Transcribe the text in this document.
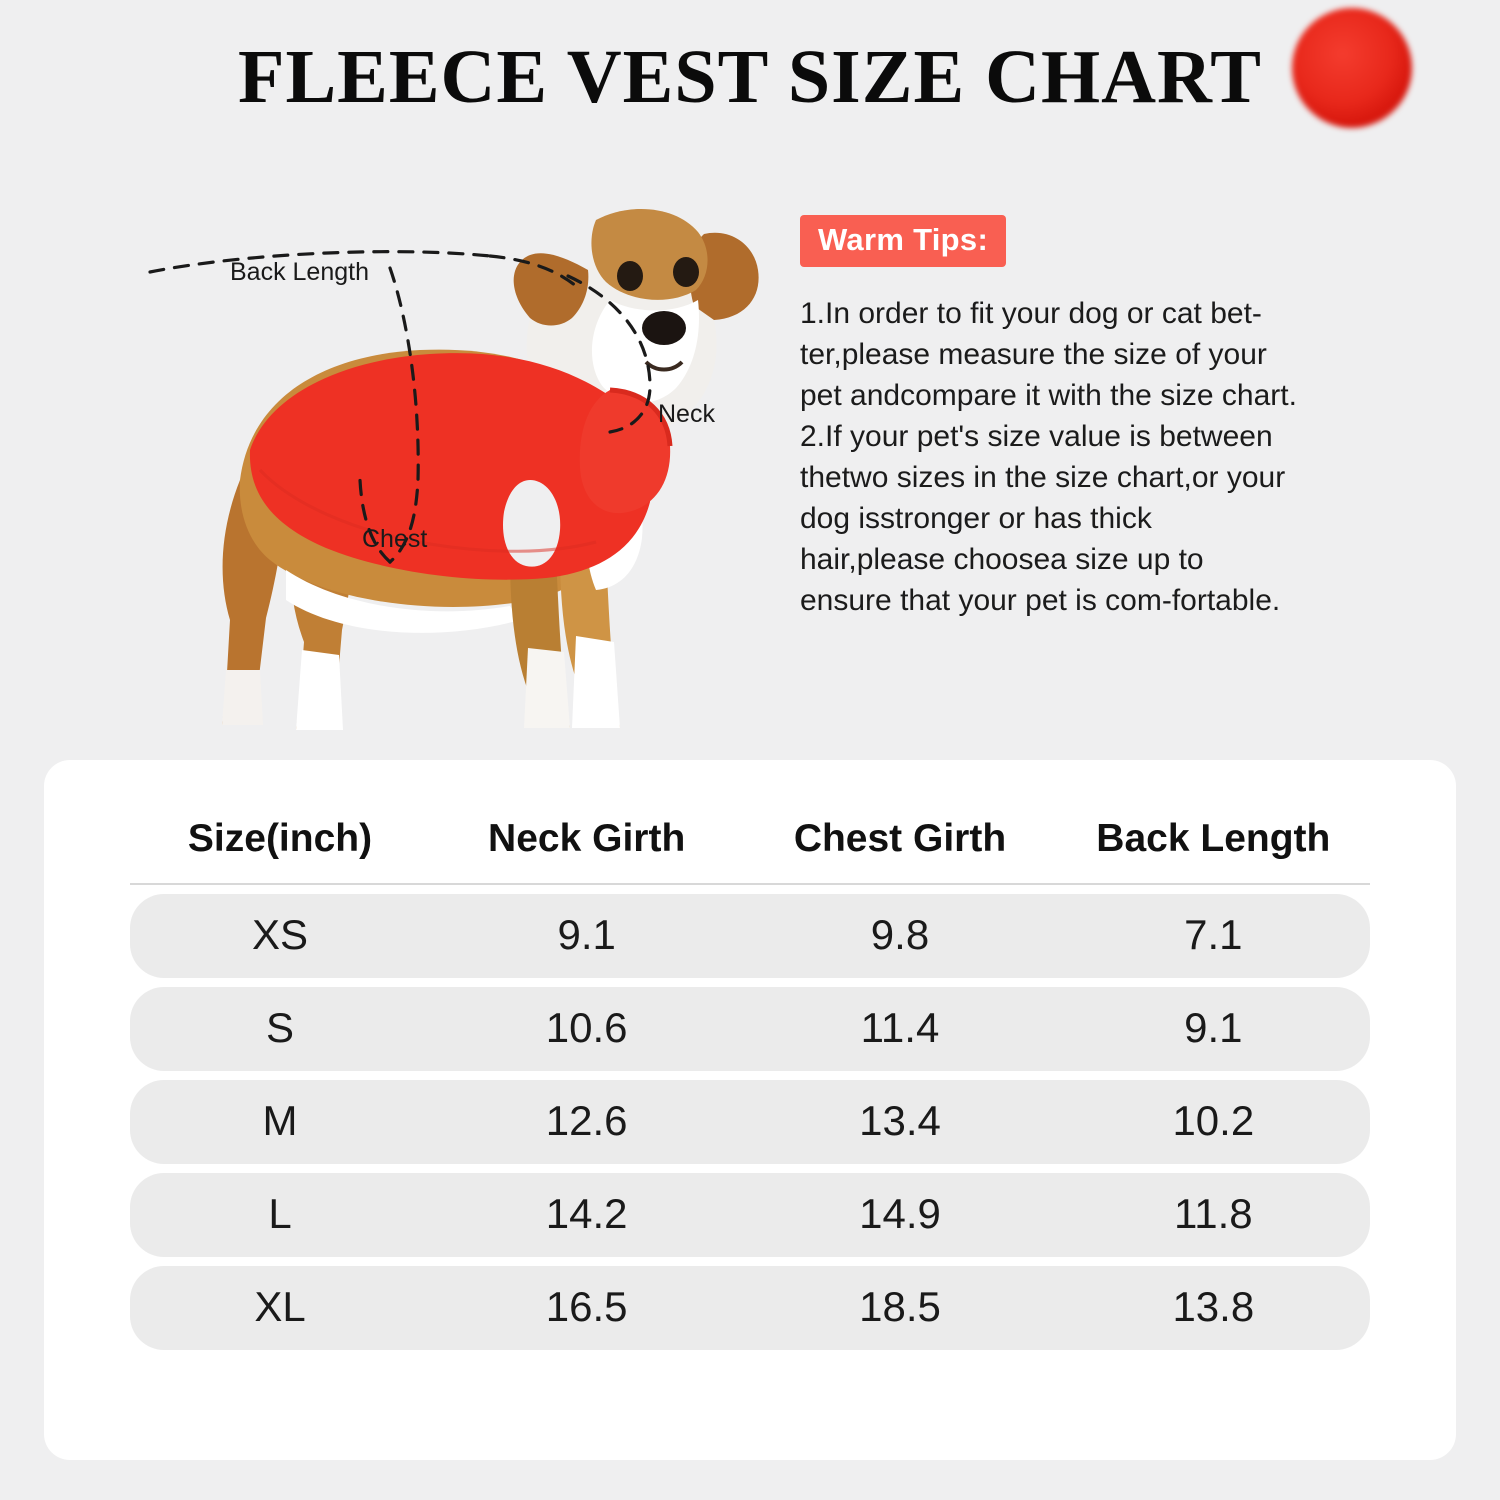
FLEECE VEST SIZE CHART
Back Length
Neck
Chest
Warm Tips:

1.In order to fit your dog or cat bet-

ter,please measure the size of your

pet andcompare it with the size chart.

2.If your pet's size value is between

thetwo sizes in the size chart,or your

dog isstronger or has thick

hair,please choosea size up to

ensure that your pet is com-fortable.

Size(inch)	Neck Girth	Chest Girth	Back Length
XS	9.1	9.8	7.1
S	10.6	11.4	9.1
M	12.6	13.4	10.2
L	14.2	14.9	11.8
XL	16.5	18.5	13.8
